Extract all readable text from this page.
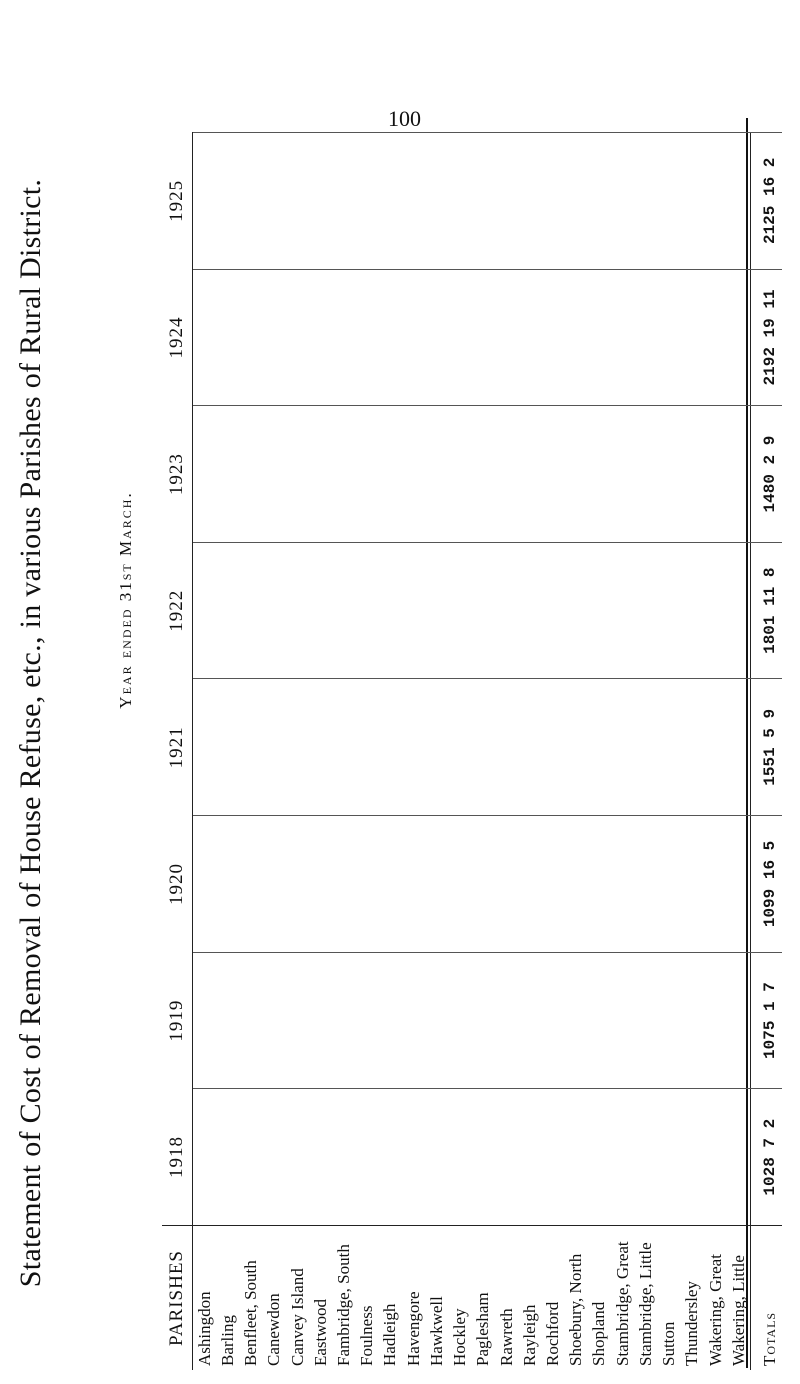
100
Statement of Cost of Removal of House Refuse, etc., in various Parishes of Rural District.	Year ended 31st March.
PARISHES	1918	1919	1920	1921	1922	1923	1924	1925
Ashingdon								
Barling								
Benfleet, South								
Canewdon								
Canvey Island								
Eastwood								
Fambridge, South								
Foulness								
Hadleigh								
Havengore								
Hawkwell								
Hockley								
Paglesham								
Rawreth								
Rayleigh								
Rochford								
Shoebury, North								
Shopland								
Stambridge, Great								
Stambridge, Little								
Sutton								
Thundersley								
Wakering, Great								
Wakering, Little								
Totals	1028 7 2	1075 1 7	1099 16 5	1551 5 9	1801 11 8	1480 2 9	2192 19 11	2125 16 2
